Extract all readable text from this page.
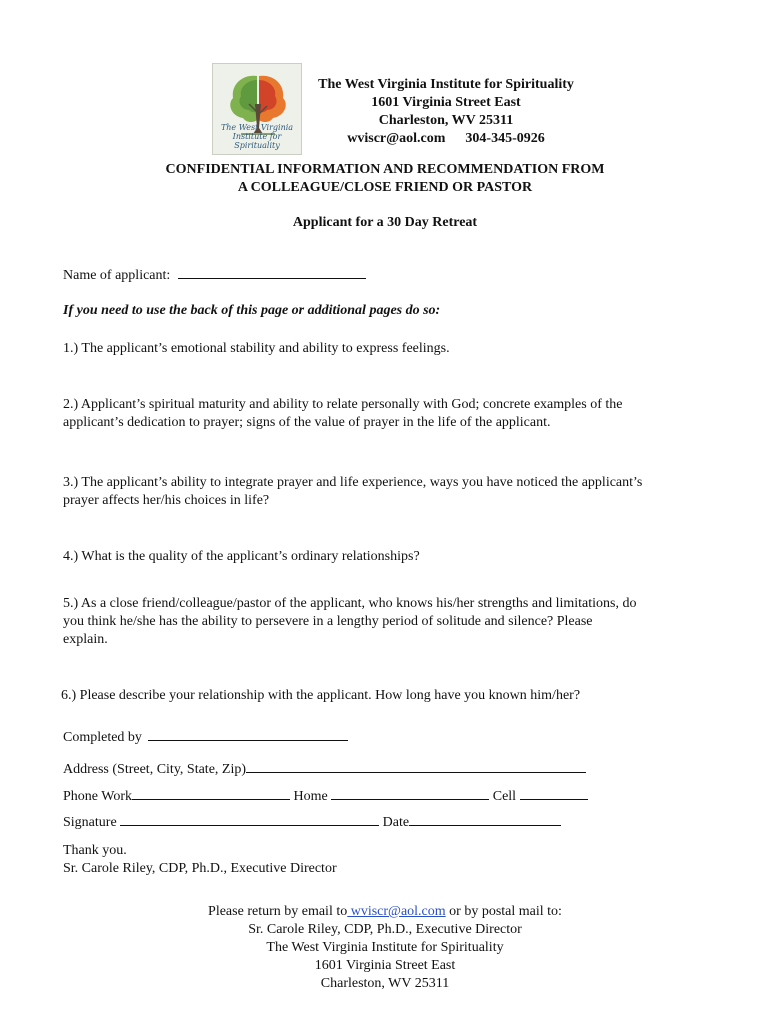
The West Virginia
Institute for Spirituality
The West Virginia Institute for Spirituality
1601 Virginia Street East
Charleston, WV 25311
wviscr@aol.com 304-345-0926
CONFIDENTIAL INFORMATION AND RECOMMENDATION FROM
A COLLEAGUE/CLOSE FRIEND OR PASTOR
Applicant for a 30 Day Retreat
Name of applicant:
If you need to use the back of this page or additional pages do so:
1.) The applicant’s emotional stability and ability to express feelings.
2.) Applicant’s spiritual maturity and ability to relate personally with God; concrete examples of the
applicant’s dedication to prayer; signs of the value of prayer in the life of the applicant.
3.) The applicant’s ability to integrate prayer and life experience, ways you have noticed the applicant’s
prayer affects her/his choices in life?
4.) What is the quality of the applicant’s ordinary relationships?
5.) As a close friend/colleague/pastor of the applicant, who knows his/her strengths and limitations, do
you think he/she has the ability to persevere in a lengthy period of solitude and silence? Please
explain.
6.) Please describe your relationship with the applicant. How long have you known him/her?
Completed by
Address (Street, City, State, Zip)
Phone Work	Home	Cell
Signature	Date
Thank you.
Sr. Carole Riley, CDP, Ph.D., Executive Director
Please return by email to wviscr@aol.com or by postal mail to:
Sr. Carole Riley, CDP, Ph.D., Executive Director
The West Virginia Institute for Spirituality
1601 Virginia Street East
Charleston, WV 25311
